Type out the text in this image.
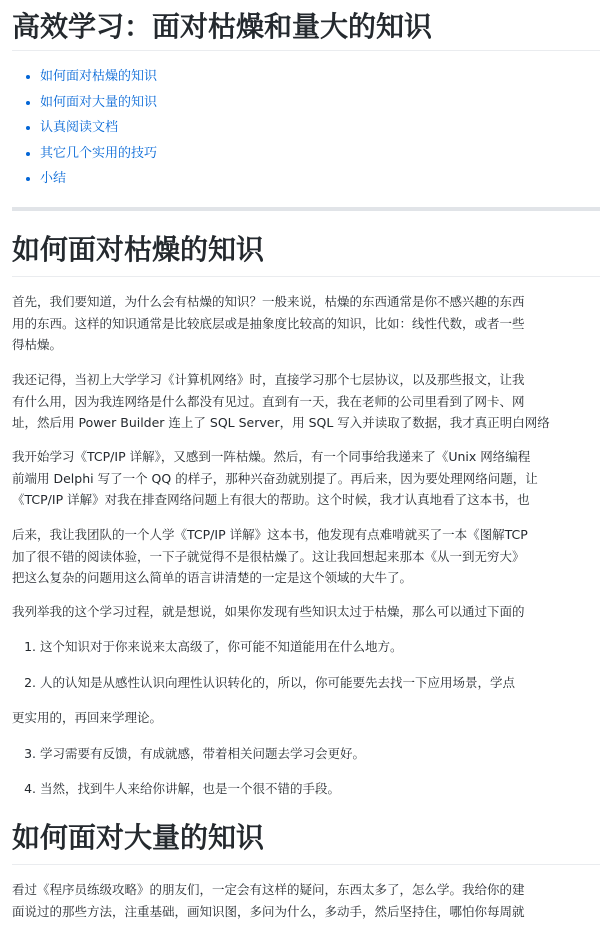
高效学习：面对枯燥和量大的知识
• 如何面对枯燥的知识
• 如何面对大量的知识
• 认真阅读文档
• 其它几个实用的技巧
• 小结
如何面对枯燥的知识
首先，我们要知道，为什么会有枯燥的知识？一般来说，枯燥的东西通常是你不感兴趣的东西
用的东西。这样的知识通常是比较底层或是抽象度比较高的知识，比如：线性代数，或者一些
得枯燥。
我还记得，当初上大学学习《计算机网络》时，直接学习那个七层协议，以及那些报文，让我
有什么用，因为我连网络是什么都没有见过。直到有一天，我在老师的公司里看到了网卡、网
址，然后用 Power Builder 连上了 SQL Server，用 SQL 写入并读取了数据，我才真正明白网络
我开始学习《TCP/IP 详解》，又感到一阵枯燥。然后，有一个同事给我递来了《Unix 网络编程
前端用 Delphi 写了一个 QQ 的样子，那种兴奋劲就别提了。再后来，因为要处理网络问题，让
《TCP/IP 详解》对我在排查网络问题上有很大的帮助。这个时候，我才认真地看了这本书，也
后来，我让我团队的一个人学《TCP/IP 详解》这本书，他发现有点难啃就买了一本《图解TCP
加了很不错的阅读体验，一下子就觉得不是很枯燥了。这让我回想起来那本《从一到无穷大》
把这么复杂的问题用这么简单的语言讲清楚的一定是这个领域的大牛了。
我列举我的这个学习过程，就是想说，如果你发现有些知识太过于枯燥，那么可以通过下面的
1. 这个知识对于你来说来太高级了，你可能不知道能用在什么地方。
2. 人的认知是从感性认识向理性认识转化的，所以，你可能要先去找一下应用场景，学点
更实用的，再回来学理论。
3. 学习需要有反馈，有成就感，带着相关问题去学习会更好。
4. 当然，找到牛人来给你讲解，也是一个很不错的手段。
如何面对大量的知识
看过《程序员练级攻略》的朋友们，一定会有这样的疑问，东西太多了，怎么学。我给你的建
面说过的那些方法，注重基础，画知识图，多问为什么，多动手，然后坚持住，哪怕你每周就
